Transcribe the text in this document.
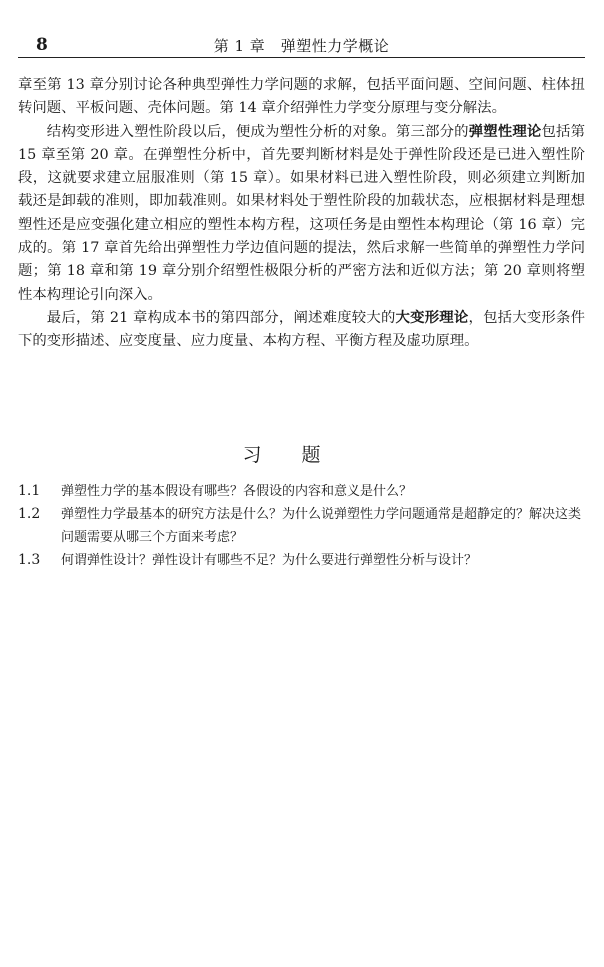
8	第 1 章　弹塑性力学概论

章至第 13 章分别讨论各种典型弹性力学问题的求解，包括平面问题、空间问题、柱体扭转问题、平板问题、壳体问题。第 14 章介绍弹性力学变分原理与变分解法。

结构变形进入塑性阶段以后，便成为塑性分析的对象。第三部分的弹塑性理论包括第 15 章至第 20 章。在弹塑性分析中，首先要判断材料是处于弹性阶段还是已进入塑性阶段，这就要求建立屈服准则（第 15 章）。如果材料已进入塑性阶段，则必须建立判断加载还是卸载的准则，即加载准则。如果材料处于塑性阶段的加载状态，应根据材料是理想塑性还是应变强化建立相应的塑性本构方程，这项任务是由塑性本构理论（第 16 章）完成的。第 17 章首先给出弹塑性力学边值问题的提法，然后求解一些简单的弹塑性力学问题；第 18 章和第 19 章分别介绍塑性极限分析的严密方法和近似方法；第 20 章则将塑性本构理论引向深入。

最后，第 21 章构成本书的第四部分，阐述难度较大的大变形理论，包括大变形条件下的变形描述、应变度量、应力度量、本构方程、平衡方程及虚功原理。

习题
1.1	弹塑性力学的基本假设有哪些？各假设的内容和意义是什么？
1.2	弹塑性力学最基本的研究方法是什么？为什么说弹塑性力学问题通常是超静定的？解决这类问题需要从哪三个方面来考虑？
1.3	何谓弹性设计？弹性设计有哪些不足？为什么要进行弹塑性分析与设计？
